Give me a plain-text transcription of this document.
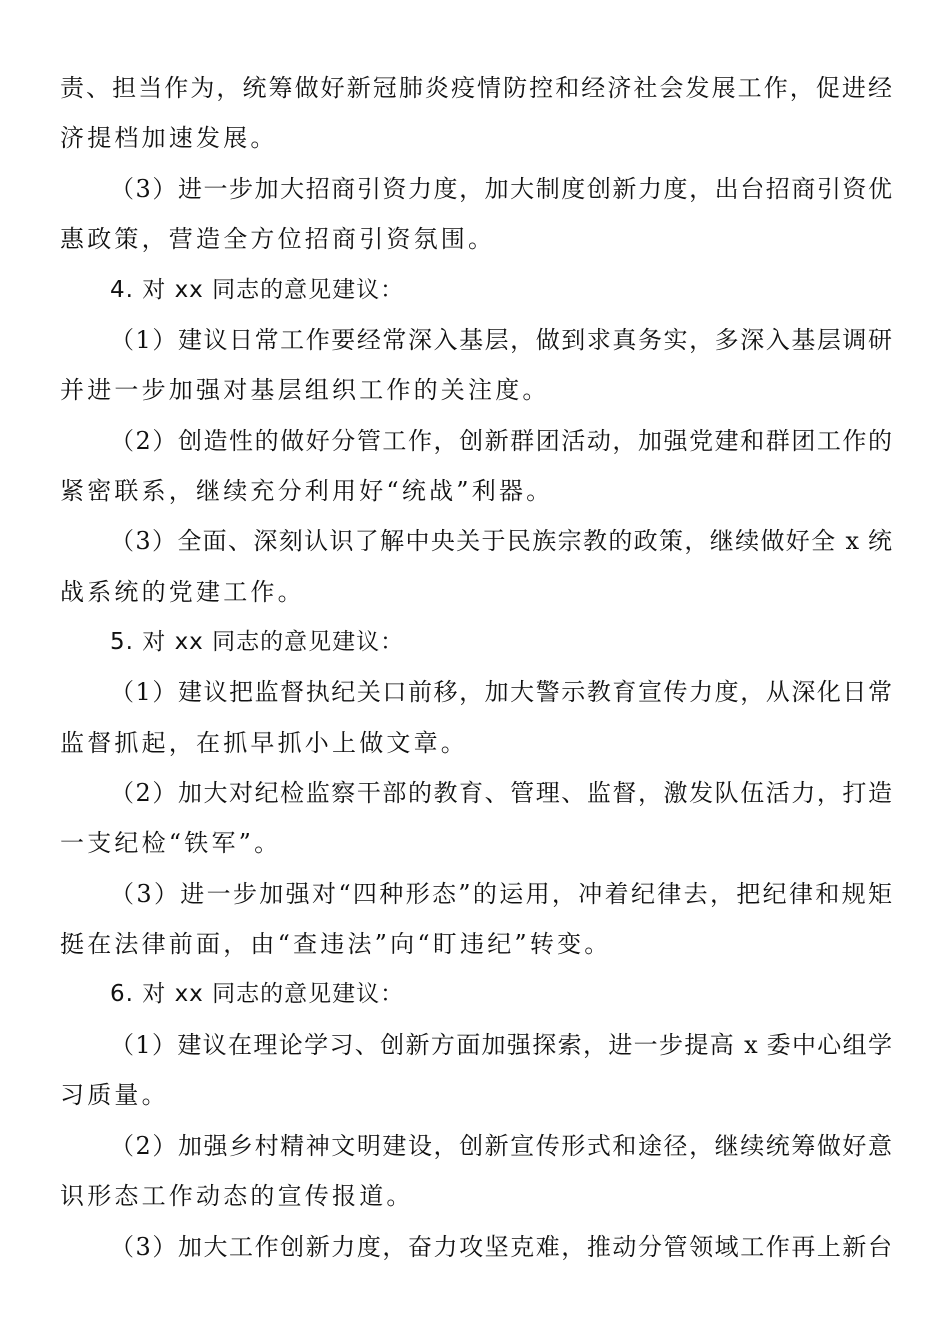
责、担当作为，统筹做好新冠肺炎疫情防控和经济社会发展工作，促进经
济提档加速发展。
（3）进一步加大招商引资力度，加大制度创新力度，出台招商引资优
惠政策，营造全方位招商引资氛围。
4. 对 xx 同志的意见建议：
（1）建议日常工作要经常深入基层，做到求真务实，多深入基层调研
并进一步加强对基层组织工作的关注度。
（2）创造性的做好分管工作，创新群团活动，加强党建和群团工作的
紧密联系，继续充分利用好“统战”利器。
（3）全面、深刻认识了解中央关于民族宗教的政策，继续做好全 x 统
战系统的党建工作。
5. 对 xx 同志的意见建议：
（1）建议把监督执纪关口前移，加大警示教育宣传力度，从深化日常
监督抓起，在抓早抓小上做文章。
（2）加大对纪检监察干部的教育、管理、监督，激发队伍活力，打造
一支纪检“铁军”。
（3）进一步加强对“四种形态”的运用，冲着纪律去，把纪律和规矩
挺在法律前面，由“查违法”向“盯违纪”转变。
6. 对 xx 同志的意见建议：
（1）建议在理论学习、创新方面加强探索，进一步提高 x 委中心组学
习质量。
（2）加强乡村精神文明建设，创新宣传形式和途径，继续统筹做好意
识形态工作动态的宣传报道。
（3）加大工作创新力度，奋力攻坚克难，推动分管领域工作再上新台
